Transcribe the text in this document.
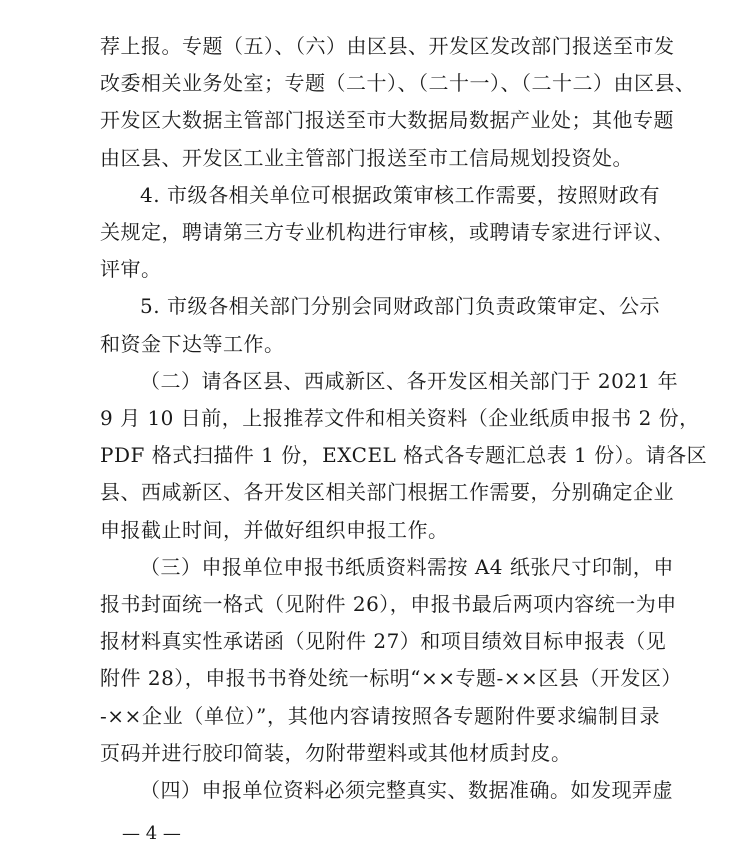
荐上报。专题（五）、（六）由区县、开发区发改部门报送至市发
改委相关业务处室；专题（二十）、（二十一）、（二十二）由区县、
开发区大数据主管部门报送至市大数据局数据产业处；其他专题
由区县、开发区工业主管部门报送至市工信局规划投资处。
4. 市级各相关单位可根据政策审核工作需要，按照财政有
关规定，聘请第三方专业机构进行审核，或聘请专家进行评议、
评审。
5. 市级各相关部门分别会同财政部门负责政策审定、公示
和资金下达等工作。
（二）请各区县、西咸新区、各开发区相关部门于 2021 年
9 月 10 日前，上报推荐文件和相关资料（企业纸质申报书 2 份，
PDF 格式扫描件 1 份，EXCEL 格式各专题汇总表 1 份）。请各区
县、西咸新区、各开发区相关部门根据工作需要，分别确定企业
申报截止时间，并做好组织申报工作。
（三）申报单位申报书纸质资料需按 A4 纸张尺寸印制，申
报书封面统一格式（见附件 26），申报书最后两项内容统一为申
报材料真实性承诺函（见附件 27）和项目绩效目标申报表（见
附件 28），申报书书脊处统一标明“××专题-××区县（开发区）
-××企业（单位）”，其他内容请按照各专题附件要求编制目录
页码并进行胶印简装，勿附带塑料或其他材质封皮。
（四）申报单位资料必须完整真实、数据准确。如发现弄虚
— 4 —
